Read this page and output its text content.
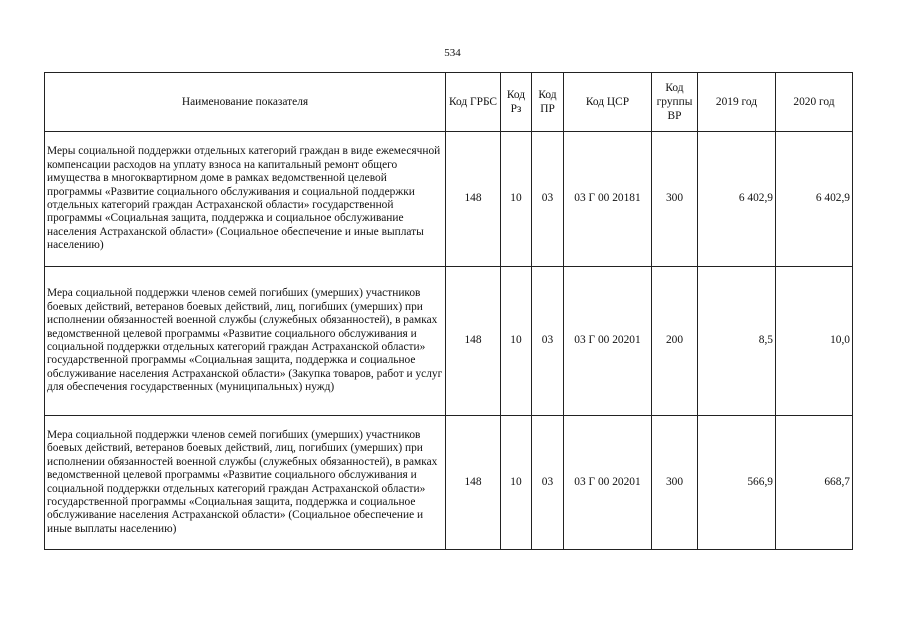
534
Наименование показателя	Код ГРБС	Код Рз	Код ПР	Код ЦСР	Код группы ВР	2019 год	2020 год
Меры социальной поддержки отдельных категорий граждан в виде ежемесячной компенсации расходов на уплату взноса на капитальный ремонт общего имущества в многоквартирном доме в рамках ведомственной целевой программы «Развитие социального обслуживания и социальной поддержки отдельных категорий граждан Астраханской области» государственной программы «Социальная защита, поддержка и социальное обслуживание населения Астраханской области» (Социальное обеспечение и иные выплаты населению)	148	10	03	03 Г 00 20181	300	6 402,9	6 402,9
Мера социальной поддержки членов семей погибших (умерших) участников боевых действий, ветеранов боевых действий, лиц, погибших (умерших) при исполнении обязанностей военной службы (служебных обязанностей), в рамках ведомственной целевой программы «Развитие социального обслуживания и социальной поддержки отдельных категорий граждан Астраханской области» государственной программы «Социальная защита, поддержка и социальное обслуживание населения Астраханской области» (Закупка товаров, работ и услуг для обеспечения государственных (муниципальных) нужд)	148	10	03	03 Г 00 20201	200	8,5	10,0
Мера социальной поддержки членов семей погибших (умерших) участников боевых действий, ветеранов боевых действий, лиц, погибших (умерших) при исполнении обязанностей военной службы (служебных обязанностей), в рамках ведомственной целевой программы «Развитие социального обслуживания и социальной поддержки отдельных категорий граждан Астраханской области» государственной программы «Социальная защита, поддержка и социальное обслуживание населения Астраханской области» (Социальное обеспечение и иные выплаты населению)	148	10	03	03 Г 00 20201	300	566,9	668,7
